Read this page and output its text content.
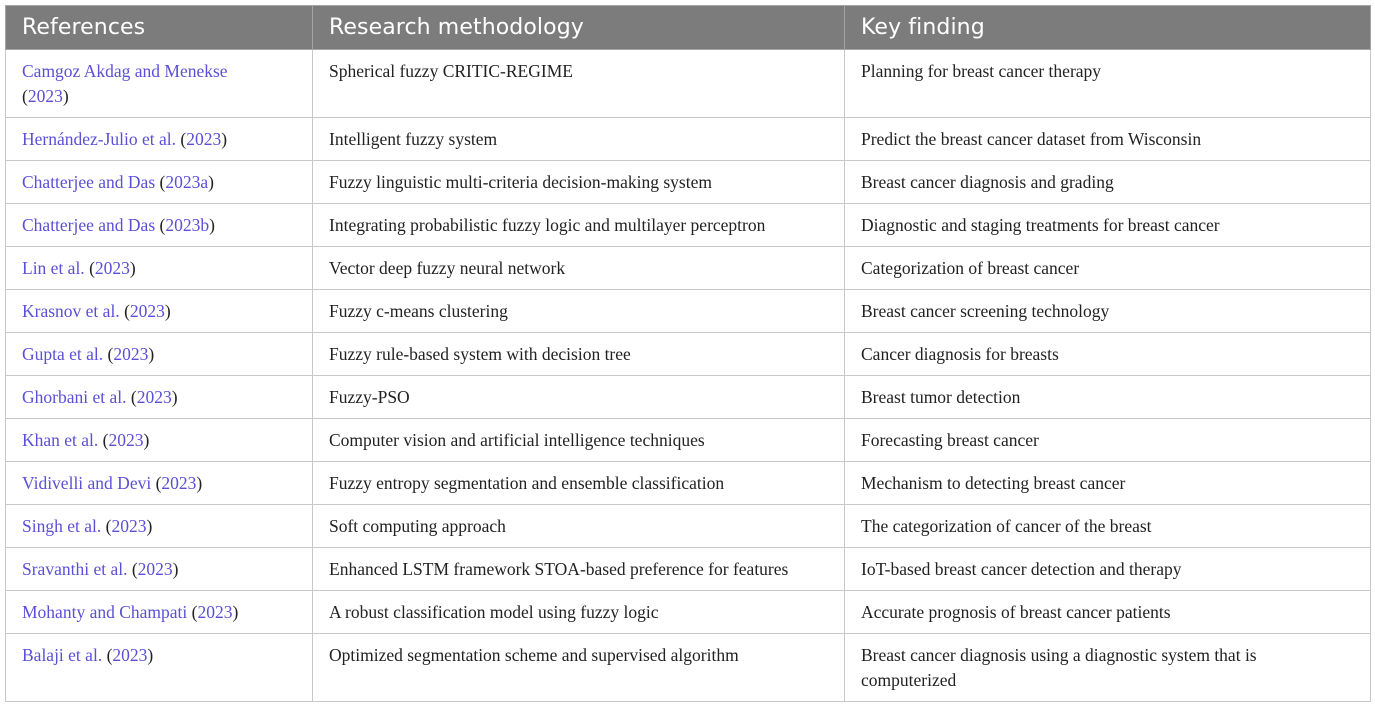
References	Research methodology	Key finding
Camgoz Akdag and Menekse
(2023)	Spherical fuzzy CRITIC-REGIME	Planning for breast cancer therapy
Hernández-Julio et al. (2023)	Intelligent fuzzy system	Predict the breast cancer dataset from Wisconsin
Chatterjee and Das (2023a)	Fuzzy linguistic multi-criteria decision-making system	Breast cancer diagnosis and grading
Chatterjee and Das (2023b)	Integrating probabilistic fuzzy logic and multilayer perceptron	Diagnostic and staging treatments for breast cancer
Lin et al. (2023)	Vector deep fuzzy neural network	Categorization of breast cancer
Krasnov et al. (2023)	Fuzzy c-means clustering	Breast cancer screening technology
Gupta et al. (2023)	Fuzzy rule-based system with decision tree	Cancer diagnosis for breasts
Ghorbani et al. (2023)	Fuzzy-PSO	Breast tumor detection
Khan et al. (2023)	Computer vision and artificial intelligence techniques	Forecasting breast cancer
Vidivelli and Devi (2023)	Fuzzy entropy segmentation and ensemble classification	Mechanism to detecting breast cancer
Singh et al. (2023)	Soft computing approach	The categorization of cancer of the breast
Sravanthi et al. (2023)	Enhanced LSTM framework STOA-based preference for features	IoT-based breast cancer detection and therapy
Mohanty and Champati (2023)	A robust classification model using fuzzy logic	Accurate prognosis of breast cancer patients
Balaji et al. (2023)	Optimized segmentation scheme and supervised algorithm	Breast cancer diagnosis using a diagnostic system that is computerized
